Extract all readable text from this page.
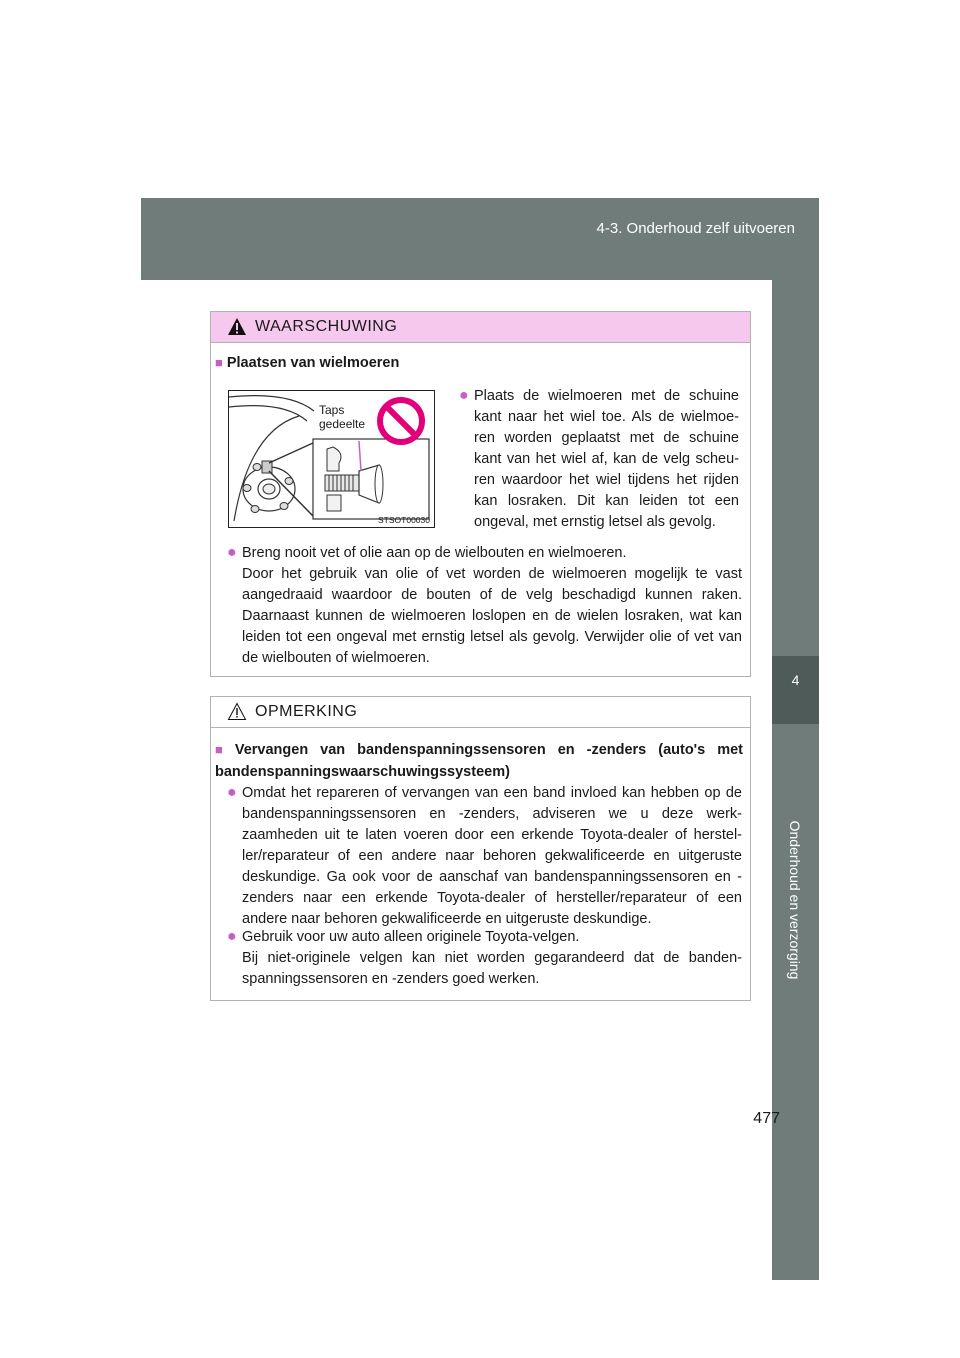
4-3. Onderhoud zelf uitvoeren
4
Onderhoud en verzorging
477
WAARSCHUWING
■ Plaatsen van wielmoeren
Taps
gedeelte
STSOT00030
● Plaats de wielmoeren met de schuine kant naar het wiel toe. Als de wielmoe-ren worden geplaatst met de schuine kant van het wiel af, kan de velg scheu-ren waardoor het wiel tijdens het rijden kan losraken. Dit kan leiden tot een ongeval, met ernstig letsel als gevolg.
● Breng nooit vet of olie aan op de wielbouten en wielmoeren.
Door het gebruik van olie of vet worden de wielmoeren mogelijk te vast aangedraaid waardoor de bouten of de velg beschadigd kunnen raken. Daarnaast kunnen de wielmoeren loslopen en de wielen losraken, wat kan leiden tot een ongeval met ernstig letsel als gevolg. Verwijder olie of vet van de wielbouten of wielmoeren.
OPMERKING
■ Vervangen van bandenspanningssensoren en -zenders (auto's met bandenspanningswaarschuwingssysteem)
● Omdat het repareren of vervangen van een band invloed kan hebben op de bandenspanningssensoren en -zenders, adviseren we u deze werk-zaamheden uit te laten voeren door een erkende Toyota-dealer of herstel-ler/reparateur of een andere naar behoren gekwalificeerde en uitgeruste deskundige. Ga ook voor de aanschaf van bandenspanningssensoren en -zenders naar een erkende Toyota-dealer of hersteller/reparateur of een andere naar behoren gekwalificeerde en uitgeruste deskundige.
● Gebruik voor uw auto alleen originele Toyota-velgen.
Bij niet-originele velgen kan niet worden gegarandeerd dat de banden-spanningssensoren en -zenders goed werken.
